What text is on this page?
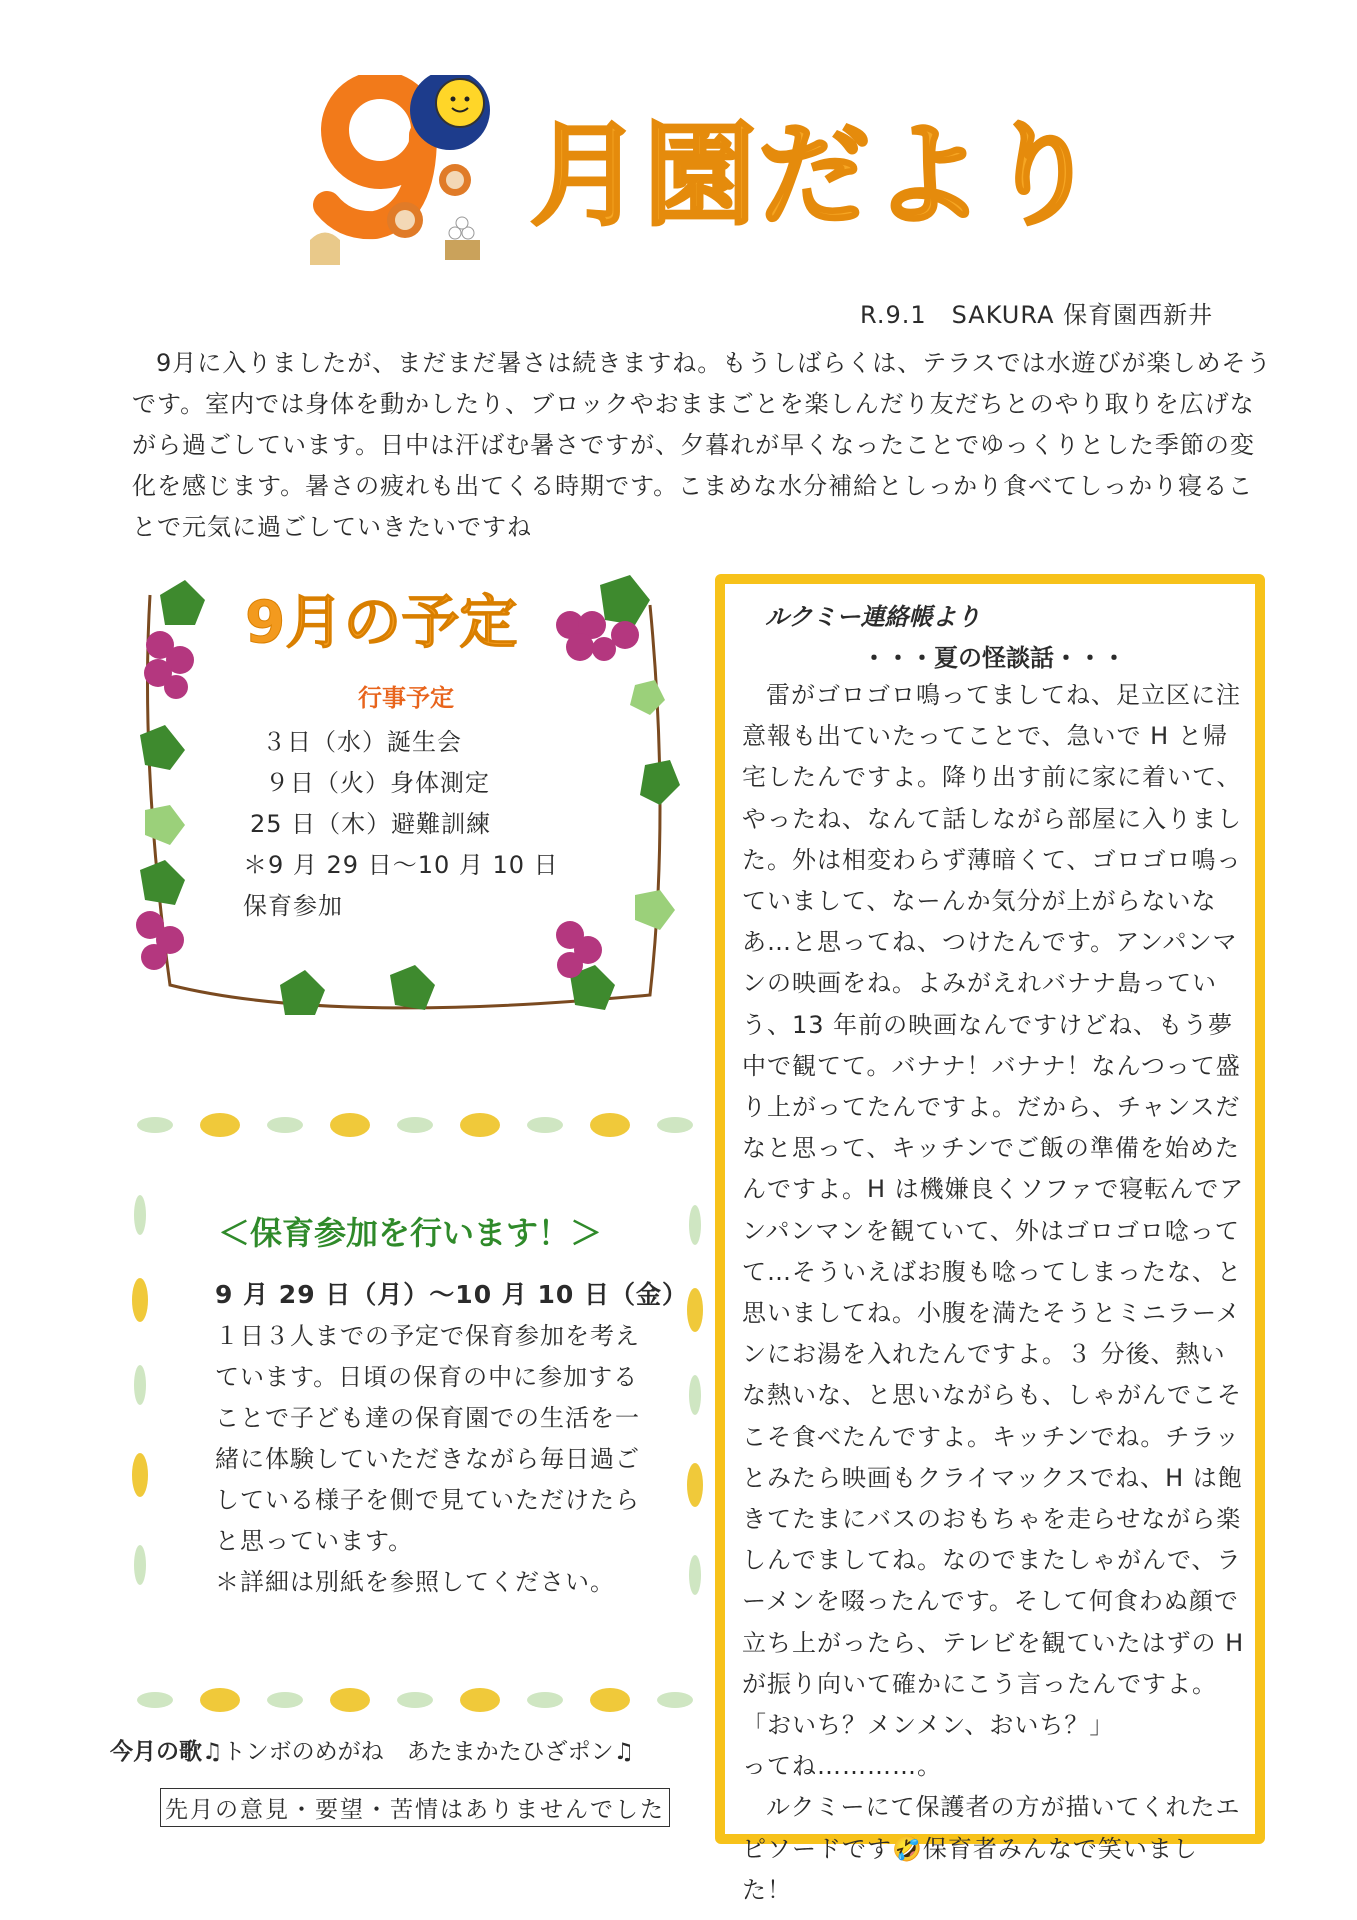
月園だより
R.9.1　SAKURA 保育園西新井

9月に入りましたが、まだまだ暑さは続きますね。もうしばらくは、テラスでは水遊びが楽しめそうです。室内では身体を動かしたり、ブロックやおままごとを楽しんだり友だちとのやり取りを広げながら過ごしています。日中は汗ばむ暑さですが、夕暮れが早くなったことでゆっくりとした季節の変化を感じます。暑さの疲れも出てくる時期です。こまめな水分補給としっかり食べてしっかり寝ることで元気に過ごしていきたいですね

9月の予定
行事予定
３日（水）誕生会
９日（火）身体測定
25 日（木）避難訓練
＊9 月 29 日～10 月 10 日
保育参加
＜保育参加を行います！＞
9 月 29 日（月）～10 月 10 日（金）

１日３人までの予定で保育参加を考えています。日頃の保育の中に参加することで子ども達の保育園での生活を一緒に体験していただきながら毎日過ごしている様子を側で見ていただけたらと思っています。
＊詳細は別紙を参照してください。

今月の歌♫トンボのめがね　あたまかたひざポン♫
先月の意見・要望・苦情はありませんでした
ルクミー連絡帳より
・・・夏の怪談話・・・

雷がゴロゴロ鳴ってましてね、足立区に注意報も出ていたってことで、急いで H と帰宅したんですよ。降り出す前に家に着いて、やったね、なんて話しながら部屋に入りました。外は相変わらず薄暗くて、ゴロゴロ鳴っていまして、なーんか気分が上がらないなあ…と思ってね、つけたんです。アンパンマンの映画をね。よみがえれバナナ島っていう、13 年前の映画なんですけどね、もう夢中で観てて。バナナ！バナナ！なんつって盛り上がってたんですよ。だから、チャンスだなと思って、キッチンでご飯の準備を始めたんですよ。H は機嫌良くソファで寝転んでアンパンマンを観ていて、外はゴロゴロ唸ってて…そういえばお腹も唸ってしまったな、と思いましてね。小腹を満たそうとミニラーメンにお湯を入れたんですよ。３ 分後、熱いな熱いな、と思いながらも、しゃがんでこそこそ食べたんですよ。キッチンでね。チラッとみたら映画もクライマックスでね、H は飽きてたまにバスのおもちゃを走らせながら楽しんでましてね。なのでまたしゃがんで、ラーメンを啜ったんです。そして何食わぬ顔で立ち上がったら、テレビを観ていたはずの H が振り向いて確かにこう言ったんですよ。
「おいち？メンメン、おいち？」
ってね…………。
ルクミーにて保護者の方が描いてくれたエピソードです🤣保育者みんなで笑いました！
